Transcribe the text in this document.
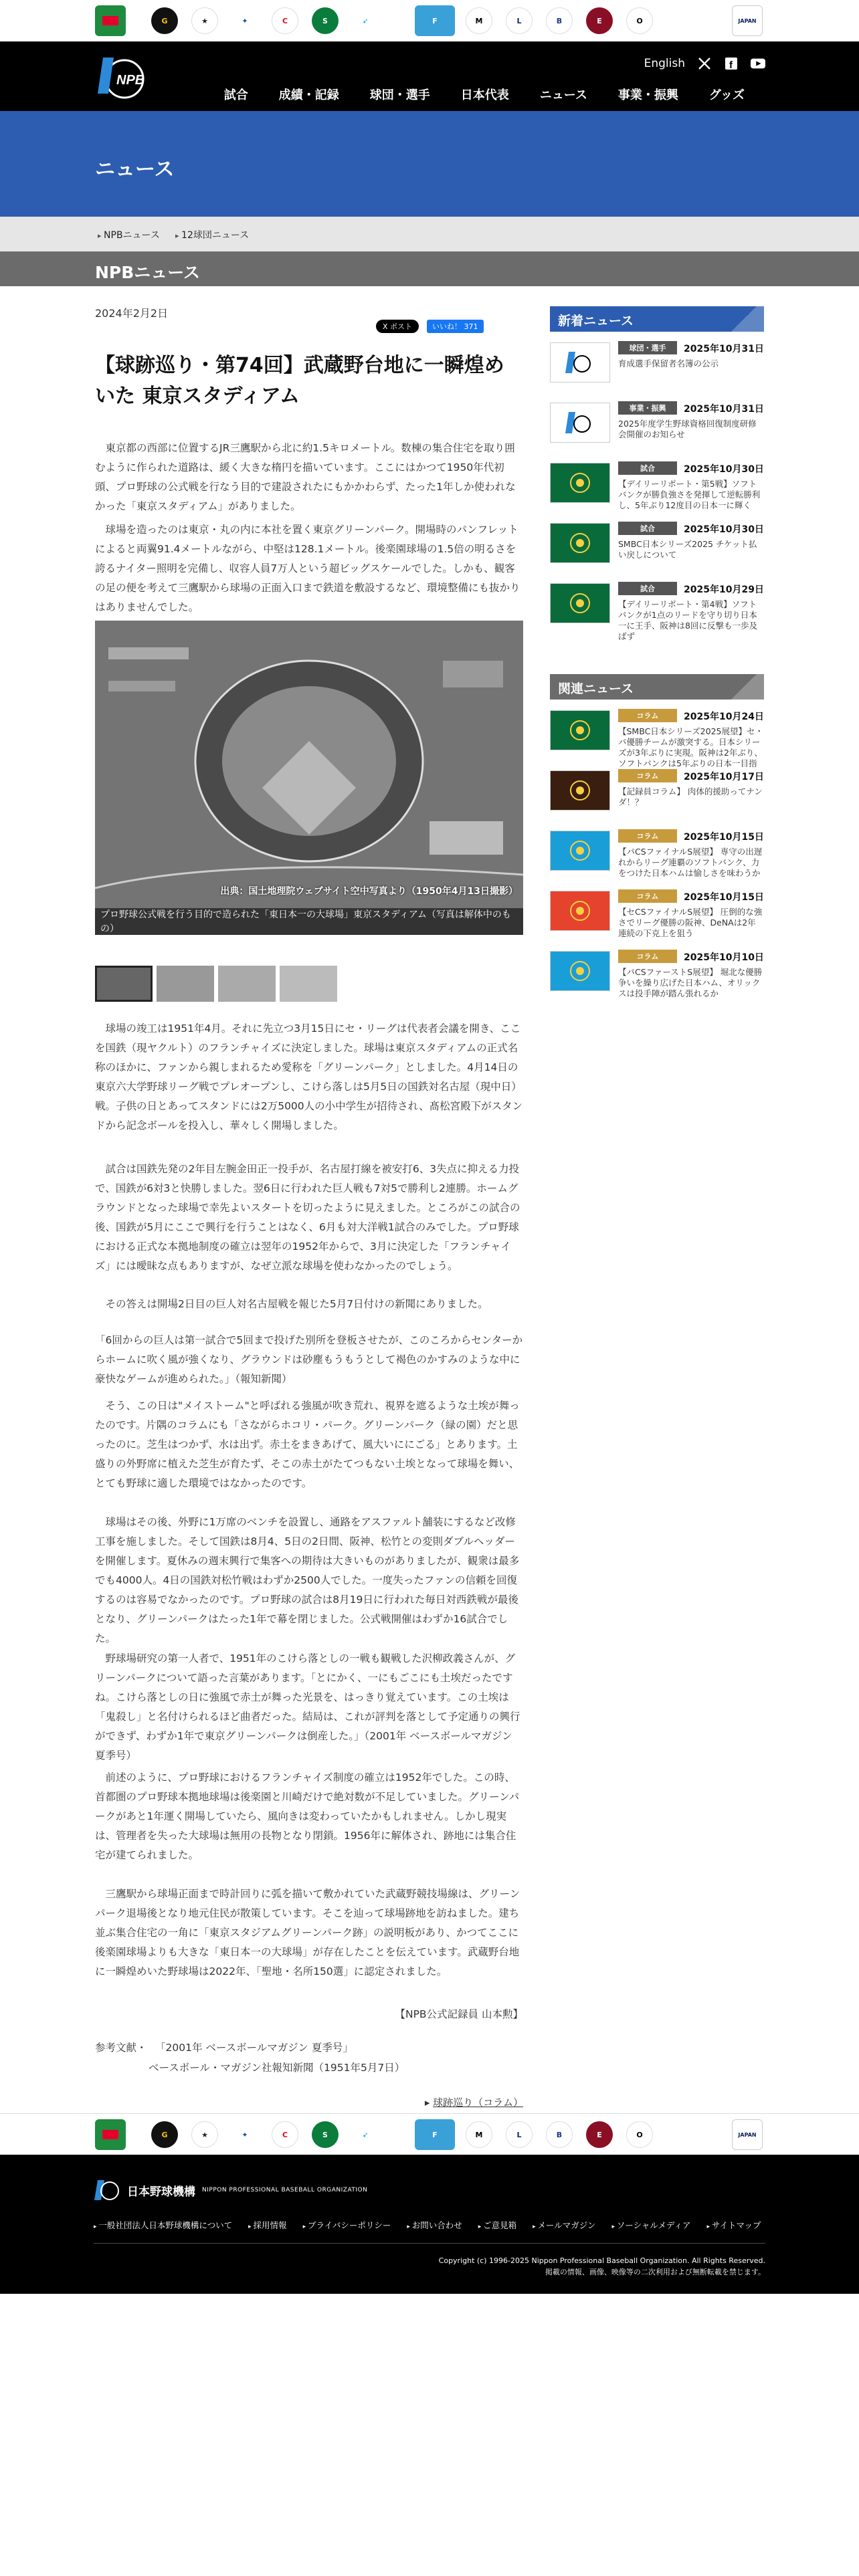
G	★	✦	C	S	➶	F	M	L	B	E	O	JAPAN
NPB
English	f
試合	成績・記録	球団・選手	日本代表	ニュース	事業・振興	グッズ
ニュース
▸ NPBニュース	▸ 12球団ニュース
NPBニュース
2024年2月2日
X ポスト	いいね！ 371
【球跡巡り・第74回】武蔵野台地に一瞬煌めいた 東京スタディアム

東京都の西部に位置するJR三鷹駅から北に約1.5キロメートル。数棟の集合住宅を取り囲むように作られた道路は、緩く大きな楕円を描いています。ここにはかつて1950年代初頭、プロ野球の公式戦を行なう目的で建設されたにもかかわらず、たった1年しか使われなかった「東京スタディアム」がありました。

球場を造ったのは東京・丸の内に本社を置く東京グリーンパーク。開場時のパンフレットによると両翼91.4メートルながら、中堅は128.1メートル。後楽園球場の1.5倍の明るさを誇るナイター照明を完備し、収容人員7万人という超ビッグスケールでした。しかも、観客の足の便を考えて三鷹駅から球場の正面入口まで鉄道を敷設するなど、環境整備にも抜かりはありませんでした。

出典：国土地理院ウェブサイト空中写真より（1950年4月13日撮影）
プロ野球公式戦を行う目的で造られた「東日本一の大球場」東京スタディアム（写真は解体中のもの）

球場の竣工は1951年4月。それに先立つ3月15日にセ・リーグは代表者会議を開き、ここを国鉄（現ヤクルト）のフランチャイズに決定しました。球場は東京スタディアムの正式名称のほかに、ファンから親しまれるため愛称を「グリーンパーク」としました。4月14日の東京六大学野球リーグ戦でプレオープンし、こけら落しは5月5日の国鉄対名古屋（現中日）戦。子供の日とあってスタンドには2万5000人の小中学生が招待され、髙松宮殿下がスタンドから記念ボールを投入し、華々しく開場しました。

試合は国鉄先発の2年目左腕金田正一投手が、名古屋打線を被安打6、3失点に抑える力投で、国鉄が6対3と快勝しました。翌6日に行われた巨人戦も7対5で勝利し2連勝。ホームグラウンドとなった球場で幸先よいスタートを切ったように見えました。ところがこの試合の後、国鉄が5月にここで興行を行うことはなく、6月も対大洋戦1試合のみでした。プロ野球における正式な本拠地制度の確立は翌年の1952年からで、3月に決定した「フランチャイズ」には曖昧な点もありますが、なぜ立派な球場を使わなかったのでしょう。

その答えは開場2日目の巨人対名古屋戦を報じた5月7日付けの新聞にありました。

「6回からの巨人は第一試合で5回まで投げた別所を登板させたが、このころからセンターからホームに吹く風が強くなり、グラウンドは砂塵もうもうとして褐色のかすみのような中に豪快なゲームが進められた。」（報知新聞）

そう、この日は"メイストーム"と呼ばれる強風が吹き荒れ、視界を遮るような土埃が舞ったのです。片隅のコラムにも「さながらホコリ・パーク。グリーンパーク（緑の園）だと思ったのに。芝生はつかず、水は出ず。赤土をまきあげて、風大いににごる」とあります。土盛りの外野席に植えた芝生が育たず、そこの赤土がたてつもない土埃となって球場を舞い、とても野球に適した環境ではなかったのです。

球場はその後、外野に1万席のベンチを設置し、通路をアスファルト舗装にするなど改修工事を施しました。そして国鉄は8月4、5日の2日間、阪神、松竹との変則ダブルヘッダーを開催します。夏休みの週末興行で集客への期待は大きいものがありましたが、観衆は最多でも4000人。4日の国鉄対松竹戦はわずか2500人でした。一度失ったファンの信頼を回復するのは容易でなかったのです。プロ野球の試合は8月19日に行われた毎日対西鉄戦が最後となり、グリーンパークはたった1年で幕を閉じました。公式戦開催はわずか16試合でした。

野球場研究の第一人者で、1951年のこけら落としの一戦も観戦した沢柳政義さんが、グリーンパークについて語った言葉があります。「とにかく、一にもごこにも土埃だったですね。こけら落としの日に強風で赤土が舞った光景を、はっきり覚えています。この土埃は「鬼殺し」と名付けられるほど曲者だった。結局は、これが評判を落として予定通りの興行ができず、わずか1年で東京グリーンパークは倒産した。」（2001年 ベースボールマガジン 夏季号）

前述のように、プロ野球におけるフランチャイズ制度の確立は1952年でした。この時、首都圏のプロ野球本拠地球場は後楽園と川崎だけで絶対数が不足していました。グリーンパークがあと1年運く開場していたら、風向きは変わっていたかもしれません。しかし現実は、管理者を失った大球場は無用の長物となり閉鎖。1956年に解体され、跡地には集合住宅が建てられました。

三鷹駅から球場正面まで時計回りに弧を描いて敷かれていた武蔵野競技場線は、グリーンパーク退場後となり地元住民が散策しています。そこを辿って球場跡地を訪ねました。建ち並ぶ集合住宅の一角に「東京スタジアムグリーンパーク跡」の説明板があり、かつてここに後楽園球場よりも大きな「東日本一の大球場」が存在したことを伝えています。武蔵野台地に一瞬煌めいた野球場は2022年、「聖地・名所150選」に認定されました。

【NPB公式記録員 山本勲】
参考文献・ 「2001年 ベースボールマガジン 夏季号」
ベースボール・マガジン社報知新聞（1951年5月7日）
▸ 球跡巡り（コラム）
新着ニュース
球団・選手	2025年10月31日
育成選手保留者名簿の公示
事業・振興	2025年10月31日
2025年度学生野球資格回復制度研修会開催のお知らせ
試合	2025年10月30日
【デイリーリポート・第5戦】ソフトバンクが勝負強さを発揮して逆転勝利し、5年ぶり12度目の日本一に輝く
試合	2025年10月30日
SMBC日本シリーズ2025 チケット払い戻しについて
試合	2025年10月29日
【デイリーリポート・第4戦】ソフトバンクが1点のリードを守り切り日本一に王手、阪神は8回に反撃も一歩及ばず
関連ニュース
コラム	2025年10月24日
【SMBC日本シリーズ2025展望】セ・パ優勝チームが激突する。日本シリーズが3年ぶりに実現。阪神は2年ぶり、ソフトバンクは5年ぶりの日本一目指
コラム	2025年10月17日
【記録員コラム】 肉体的援助ってナンダ！？
コラム	2025年10月15日
【パCSファイナルS展望】 専守の出遅れからリーグ連覇のソフトバンク、力をつけた日本ハムは愉しさを味わうか
コラム	2025年10月15日
【セCSファイナルS展望】 圧倒的な強さでリーグ優勝の阪神、DeNAは2年連続の下克上を狙う
コラム	2025年10月10日
【パCSファーストS展望】 堀北な優勝争いを繰り広げた日本ハム、オリックスは投手陣が踏ん張れるか
G	★	✦	C	S	➶	F	M	L	B	E	O	JAPAN
日本野球機構 NIPPON PROFESSIONAL BASEBALL ORGANIZATION
▸ 一般社団法人日本野球機構について	▸ 採用情報	▸ プライバシーポリシー	▸ お問い合わせ	▸ ご意見箱	▸ メールマガジン	▸ ソーシャルメディア	▸ サイトマップ
Copyright (c) 1996-2025 Nippon Professional Baseball Organization. All Rights Reserved.
掲載の情報、画像、映像等の二次利用および無断転載を禁じます。
